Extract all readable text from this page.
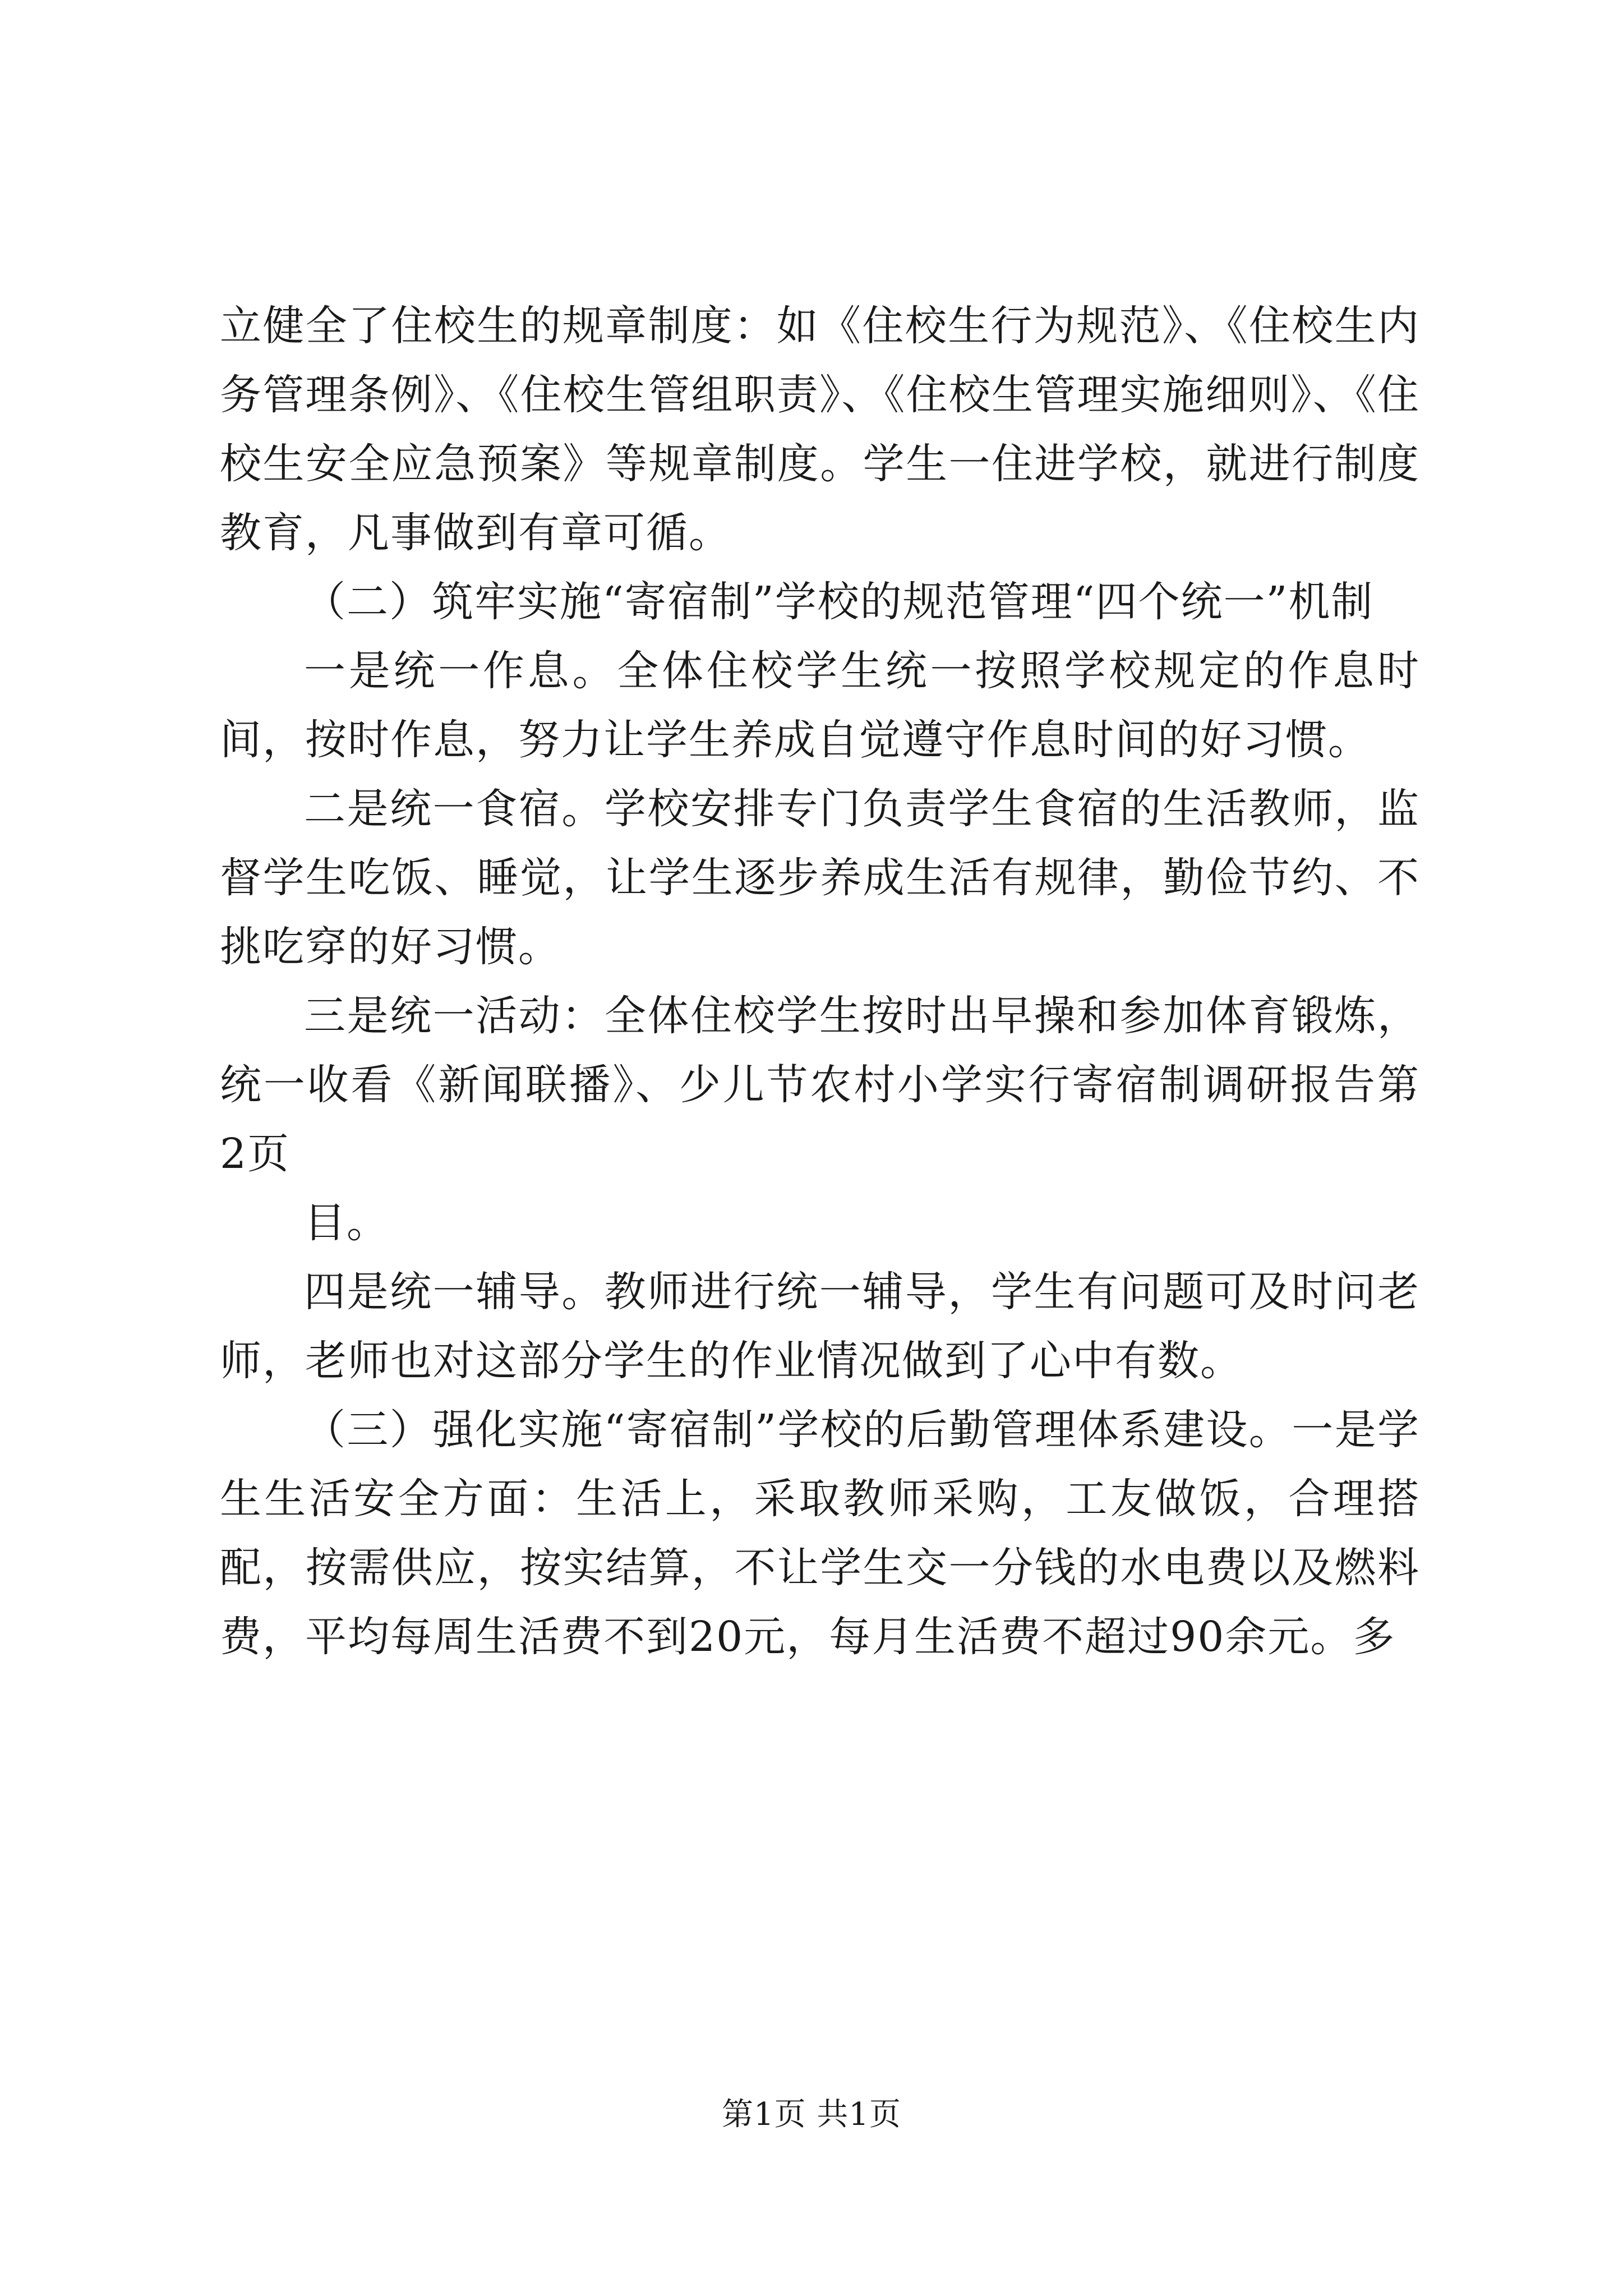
立健全了住校生的规章制度：如《住校生行为规范》、《住校生内务管理条例》、《住校生管组职责》、《住校生管理实施细则》、《住校生安全应急预案》等规章制度。学生一住进学校，就进行制度教育，凡事做到有章可循。

（二）筑牢实施“寄宿制”学校的规范管理“四个统一”机制

一是统一作息。全体住校学生统一按照学校规定的作息时间，按时作息，努力让学生养成自觉遵守作息时间的好习惯。

二是统一食宿。学校安排专门负责学生食宿的生活教师，监督学生吃饭、睡觉，让学生逐步养成生活有规律，勤俭节约、不挑吃穿的好习惯。

三是统一活动：全体住校学生按时出早操和参加体育锻炼，统一收看《新闻联播》、少儿节农村小学实行寄宿制调研报告第2页

目。

四是统一辅导。教师进行统一辅导，学生有问题可及时问老师，老师也对这部分学生的作业情况做到了心中有数。

（三）强化实施“寄宿制”学校的后勤管理体系建设。一是学生生活安全方面：生活上，采取教师采购，工友做饭，合理搭配，按需供应，按实结算，不让学生交一分钱的水电费以及燃料费，平均每周生活费不到20元，每月生活费不超过90余元。多

第1页 共1页
